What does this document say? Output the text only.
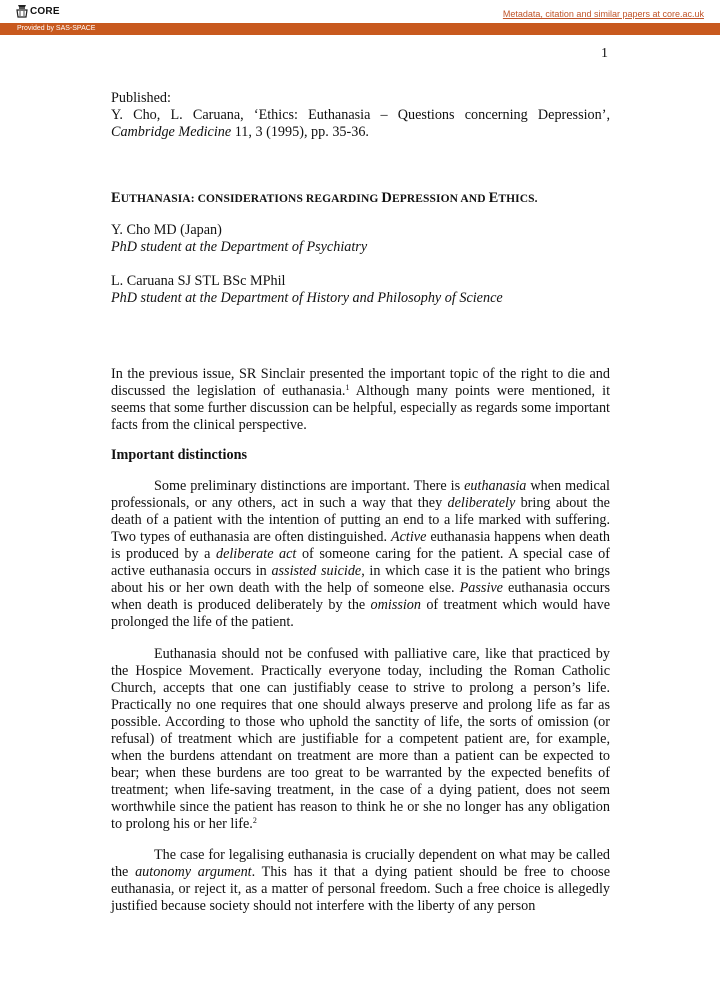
CORE	Metadata, citation and similar papers at core.ac.uk
Provided by SAS-SPACE
1

Published:

Y. Cho, L. Caruana, ‘Ethics: Euthanasia – Questions concerning Depression’, Cambridge Medicine 11, 3 (1995), pp. 35-36.

EUTHANASIA: CONSIDERATIONS REGARDING DEPRESSION AND ETHICS.

Y. Cho MD (Japan)

PhD student at the Department of Psychiatry

L. Caruana SJ STL BSc MPhil

PhD student at the Department of History and Philosophy of Science

In the previous issue, SR Sinclair presented the important topic of the right to die and discussed the legislation of euthanasia.$^1$ Although many points were mentioned, it seems that some further discussion can be helpful, especially as regards some important facts from the clinical perspective.
Important distinctions
Some preliminary distinctions are important. There is euthanasia when medical professionals, or any others, act in such a way that they deliberately bring about the death of a patient with the intention of putting an end to a life marked with suffering. Two types of euthanasia are often distinguished. Active euthanasia happens when death is produced by a deliberate act of someone caring for the patient. A special case of active euthanasia occurs in assisted suicide, in which case it is the patient who brings about his or her own death with the help of someone else. Passive euthanasia occurs when death is produced deliberately by the omission of treatment which would have prolonged the life of the patient.
Euthanasia should not be confused with palliative care, like that practiced by the Hospice Movement. Practically everyone today, including the Roman Catholic Church, accepts that one can justifiably cease to strive to prolong a person’s life. Practically no one requires that one should always preserve and prolong life as far as possible. According to those who uphold the sanctity of life, the sorts of omission (or refusal) of treatment which are justifiable for a competent patient are, for example, when the burdens attendant on treatment are more than a patient can be expected to bear; when these burdens are too great to be warranted by the expected benefits of treatment; when life-saving treatment, in the case of a dying patient, does not seem worthwhile since the patient has reason to think he or she no longer has any obligation to prolong his or her life.$^2$
The case for legalising euthanasia is crucially dependent on what may be called the autonomy argument. This has it that a dying patient should be free to choose euthanasia, or reject it, as a matter of personal freedom. Such a free choice is allegedly justified because society should not interfere with the liberty of any person
